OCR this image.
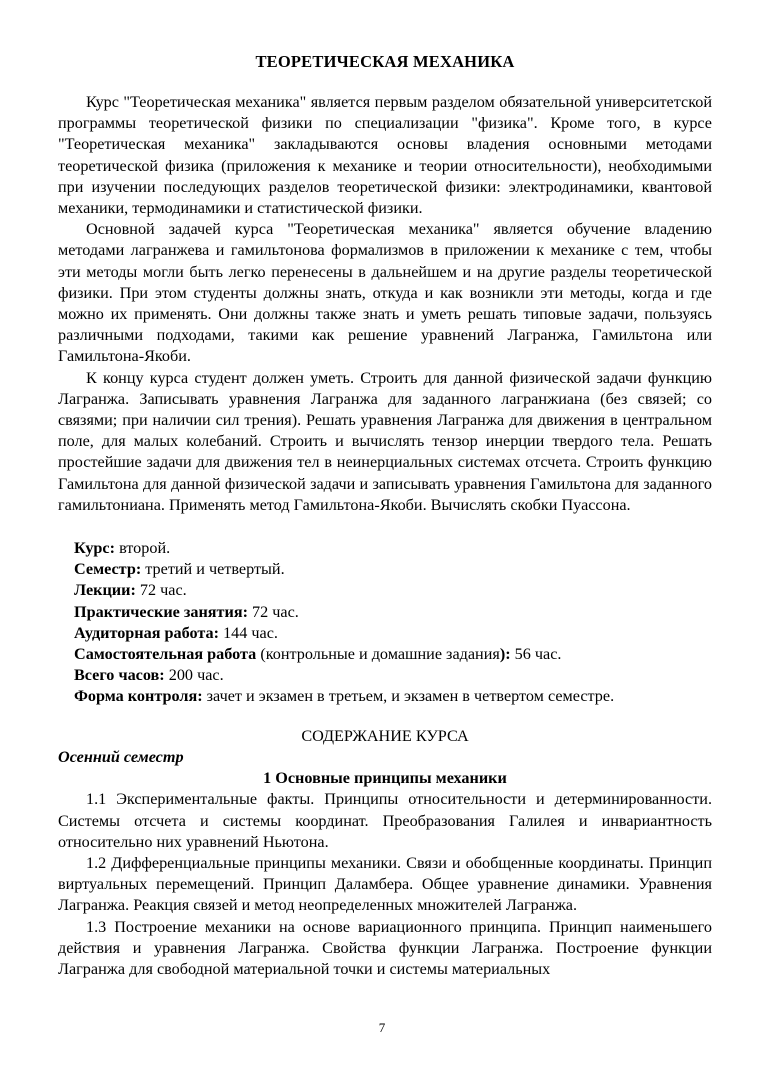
ТЕОРЕТИЧЕСКАЯ МЕХАНИКА

Курс "Теоретическая механика" является первым разделом обязательной университетской программы теоретической физики по специализации "физика". Кроме того, в курсе "Теоретическая механика" закладываются основы владения основными методами теоретической физика (приложения к механике и теории относительности), необходимыми при изучении последующих разделов теоретической физики: электродинамики, квантовой механики, термодинамики и статистической физики.

Основной задачей курса "Теоретическая механика" является обучение владению методами лагранжева и гамильтонова формализмов в приложении к механике с тем, чтобы эти методы могли быть легко перенесены в дальнейшем и на другие разделы теоретической физики. При этом студенты должны знать, откуда и как возникли эти методы, когда и где можно их применять. Они должны также знать и уметь решать типовые задачи, пользуясь различными подходами, такими как решение уравнений Лагранжа, Гамильтона или Гамильтона-Якоби.

К концу курса студент должен уметь. Строить для данной физической задачи функцию Лагранжа. Записывать уравнения Лагранжа для заданного лагранжиана (без связей; со связями; при наличии сил трения). Решать уравнения Лагранжа для движения в центральном поле, для малых колебаний. Строить и вычислять тензор инерции твердого тела. Решать простейшие задачи для движения тел в неинерциальных системах отсчета. Строить функцию Гамильтона для данной физической задачи и записывать уравнения Гамильтона для заданного гамильтониана. Применять метод Гамильтона-Якоби. Вычислять скобки Пуассона.

Курс: второй.
Семестр: третий и четвертый.
Лекции: 72 час.
Практические занятия: 72 час.
Аудиторная работа: 144 час.
Самостоятельная работа (контрольные и домашние задания): 56 час.
Всего часов: 200 час.
Форма контроля: зачет и экзамен в третьем, и экзамен в четвертом семестре.
СОДЕРЖАНИЕ КУРСА
Осенний семестр
1 Основные принципы механики

1.1 Экспериментальные факты. Принципы относительности и детерминированности. Системы отсчета и системы координат. Преобразования Галилея и инвариантность относительно них уравнений Ньютона.

1.2 Дифференциальные принципы механики. Связи и обобщенные координаты. Принцип виртуальных перемещений. Принцип Даламбера. Общее уравнение динамики. Уравнения Лагранжа. Реакция связей и метод неопределенных множителей Лагранжа.

1.3 Построение механики на основе вариационного принципа. Принцип наименьшего действия и уравнения Лагранжа. Свойства функции Лагранжа. Построение функции Лагранжа для свободной материальной точки и системы материальных

7
